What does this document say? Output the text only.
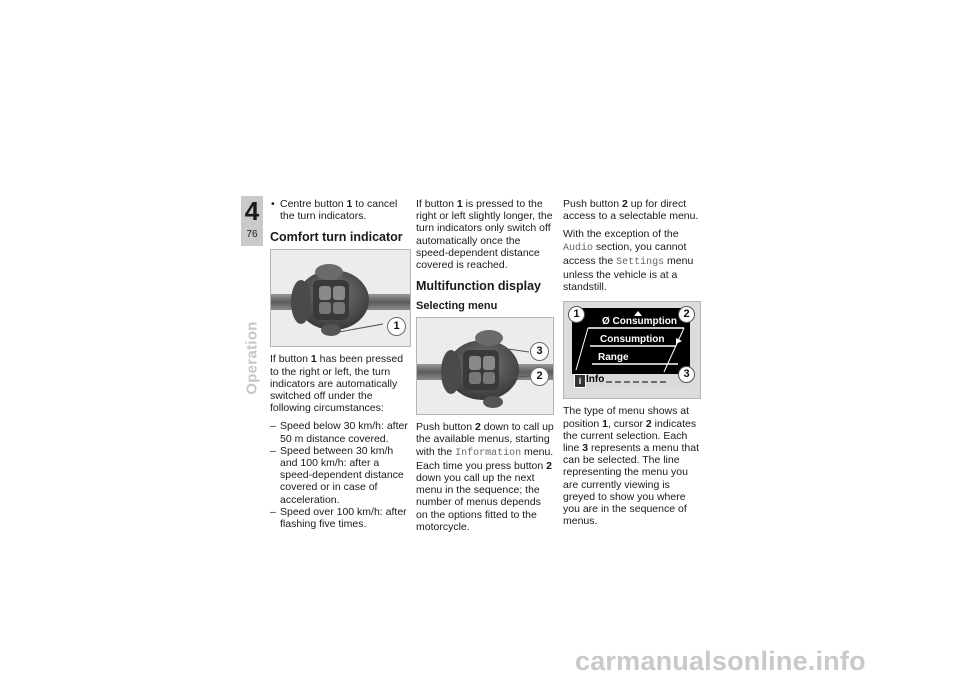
4
76
Operation
• Centre button 1 to cancel the turn indicators.
Comfort turn indicator
1

If button 1 has been pressed to the right or left, the turn indicators are automatically switched off under the following circumstances:

– Speed below 30 km/h: after 50 m distance covered.
– Speed between 30 km/h and 100 km/h: after a speed-dependent distance covered or in case of acceleration.
– Speed over 100 km/h: after flashing five times.

If button 1 is pressed to the right or left slightly longer, the turn indicators only switch off automatically once the speed-dependent distance covered is reached.

Multifunction display
Selecting menu
3
2

Push button 2 down to call up the available menus, starting with the Information menu. Each time you press button 2 down you call up the next menu in the sequence; the number of menus depends on the options fitted to the motorcycle.

Push button 2 up for direct access to a selectable menu.

With the exception of the Audio section, you cannot access the Settings menu unless the vehicle is at a standstill.

Ø Consumption
Consumption
Range
i Info
1	2
3

The type of menu shows at position 1, cursor 2 indicates the current selection. Each line 3 represents a menu that can be selected. The line representing the menu you are currently viewing is greyed to show you where you are in the sequence of menus.

carmanualsonline.info
